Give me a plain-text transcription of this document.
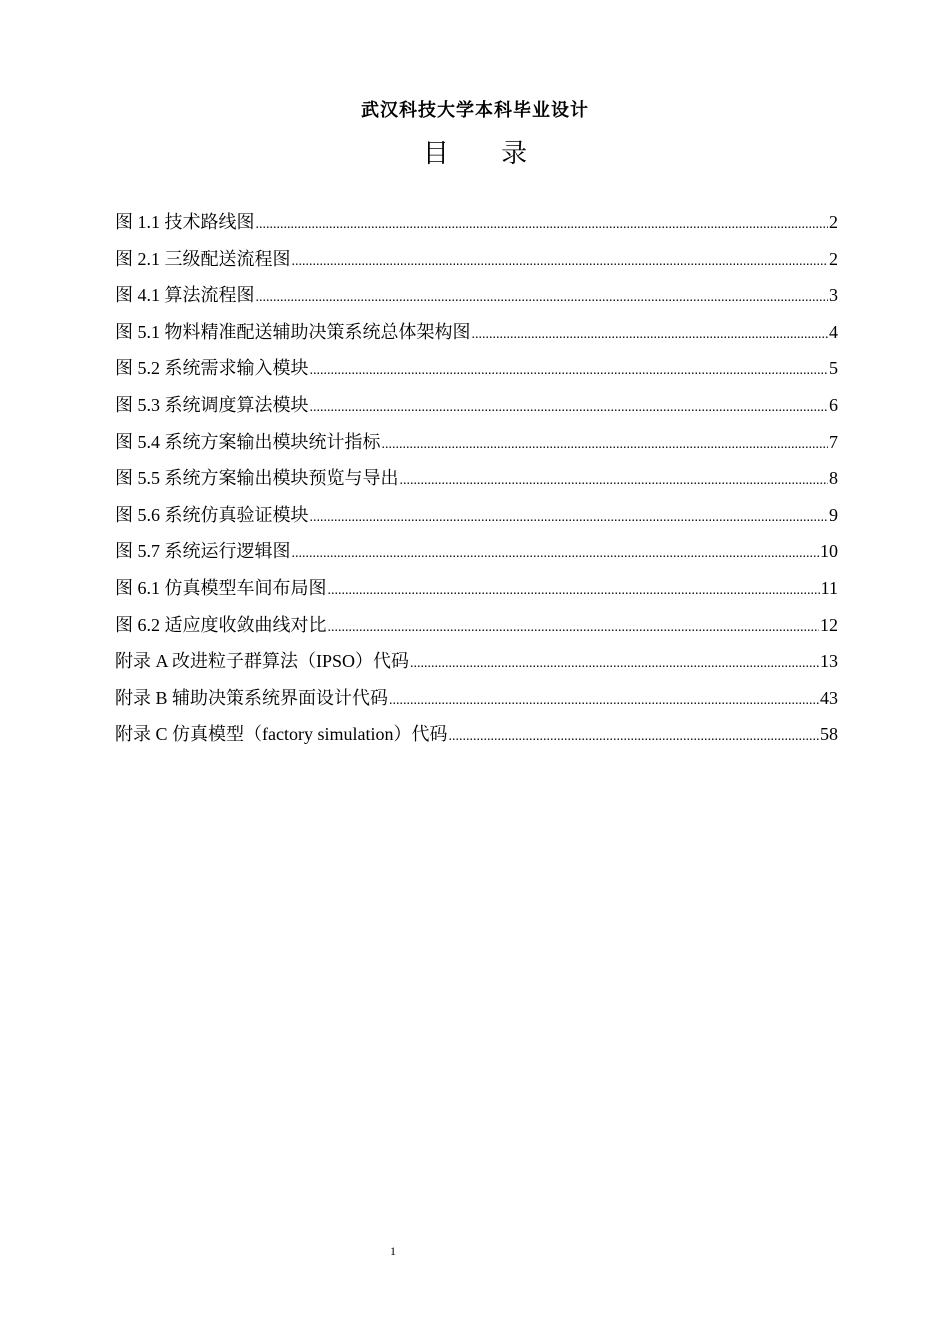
武汉科技大学本科毕业设计
目 录
图 1.1 技术路线图 .....	2
图 2.1 三级配送流程图 .....	2
图 4.1 算法流程图 .....	3
图 5.1 物料精准配送辅助决策系统总体架构图 .....	4
图 5.2 系统需求输入模块 .....	5
图 5.3 系统调度算法模块 .....	6
图 5.4 系统方案输出模块统计指标 .....	7
图 5.5 系统方案输出模块预览与导出 .....	8
图 5.6 系统仿真验证模块 .....	9
图 5.7 系统运行逻辑图 .....	10
图 6.1 仿真模型车间布局图 .....	11
图 6.2 适应度收敛曲线对比 .....	12
附录 A 改进粒子群算法（IPSO）代码 .....	13
附录 B 辅助决策系统界面设计代码 .....	43
附录 C 仿真模型（factory simulation）代码 .....	58
1
